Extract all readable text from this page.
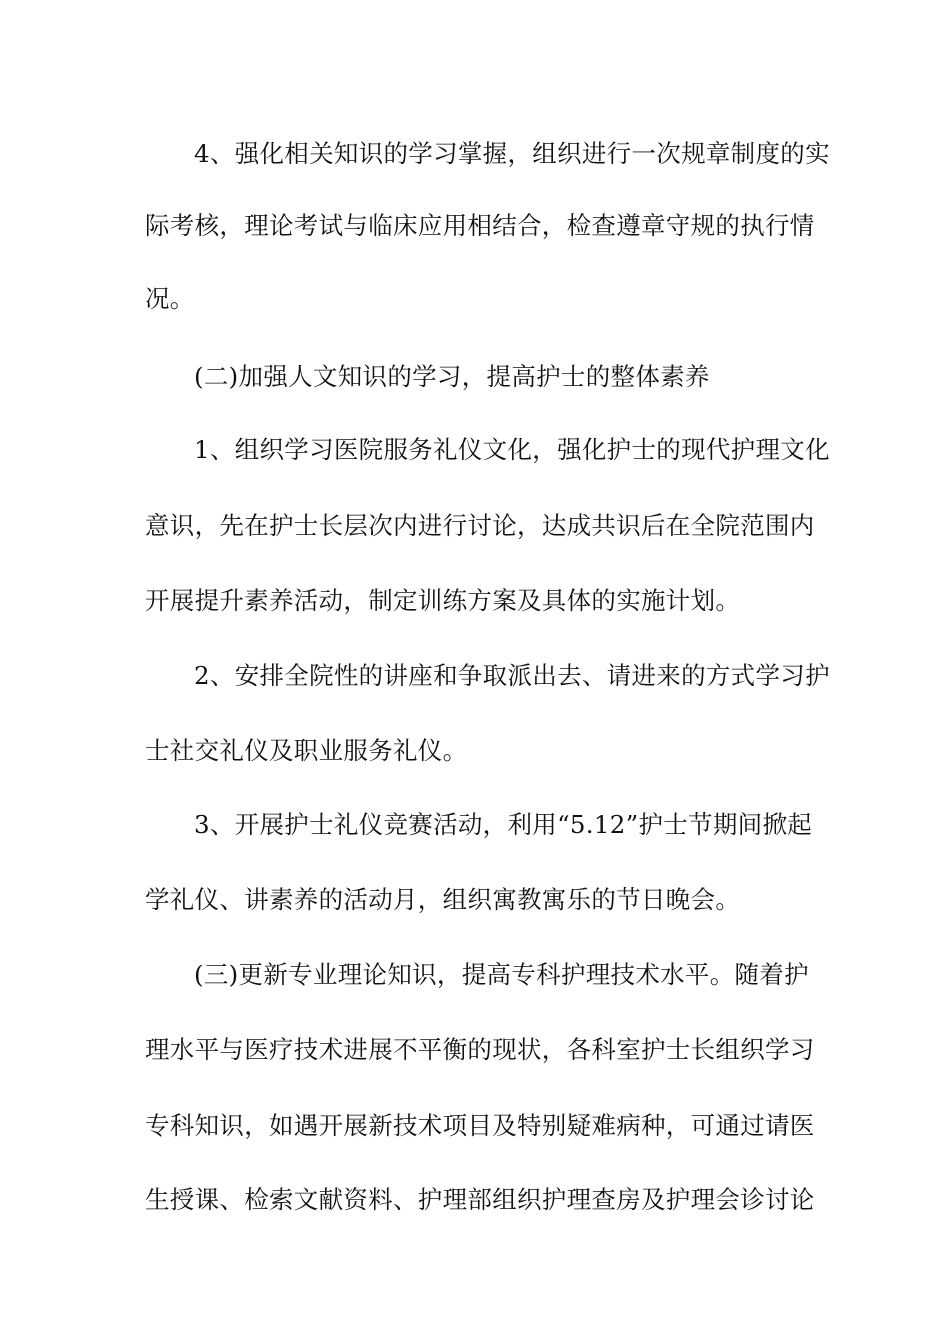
4、强化相关知识的学习掌握，组织进行一次规章制度的实
际考核，理论考试与临床应用相结合，检查遵章守规的执行情
况。
(二)加强人文知识的学习，提高护士的整体素养
1、组织学习医院服务礼仪文化，强化护士的现代护理文化
意识，先在护士长层次内进行讨论，达成共识后在全院范围内
开展提升素养活动，制定训练方案及具体的实施计划。
2、安排全院性的讲座和争取派出去、请进来的方式学习护
士社交礼仪及职业服务礼仪。
3、开展护士礼仪竞赛活动，利用“5.12”护士节期间掀起
学礼仪、讲素养的活动月，组织寓教寓乐的节日晚会。
(三)更新专业理论知识，提高专科护理技术水平。随着护
理水平与医疗技术进展不平衡的现状，各科室护士长组织学习
专科知识，如遇开展新技术项目及特别疑难病种，可通过请医
生授课、检索文献资料、护理部组织护理查房及护理会诊讨论
